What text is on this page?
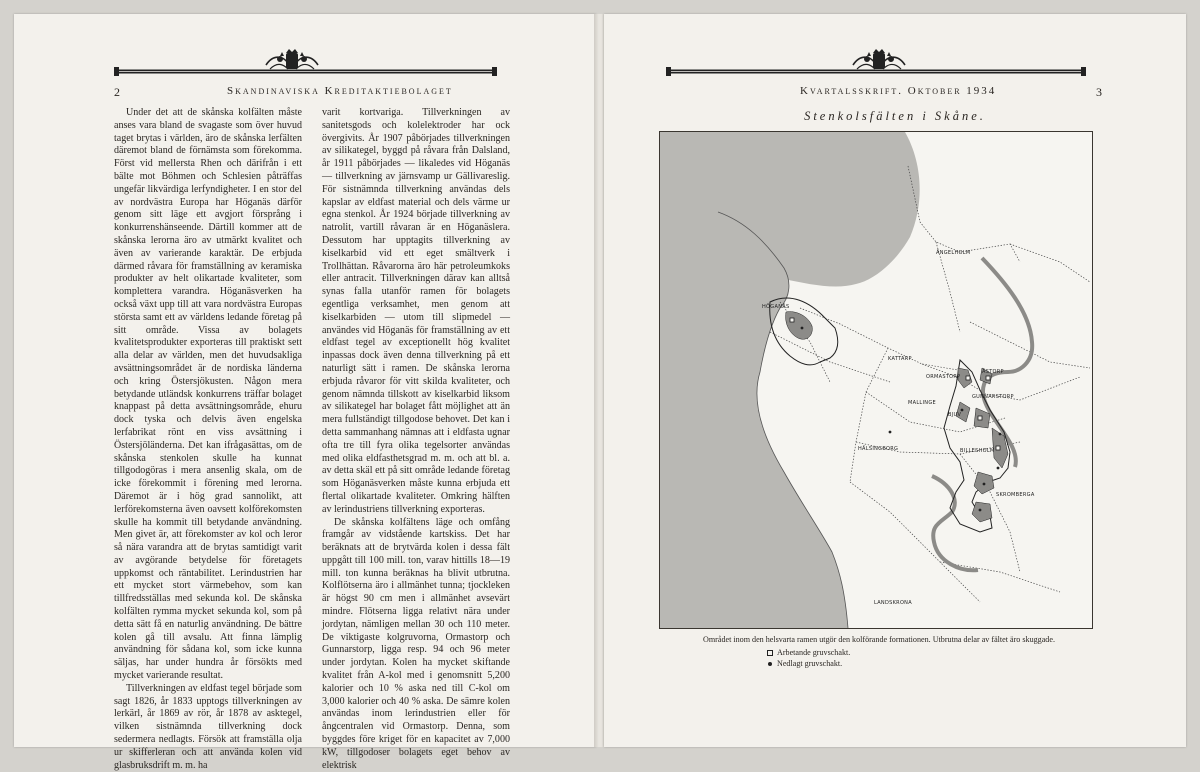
2	Skandinaviska Kreditaktiebolaget

Under det att de skånska kolfälten måste anses vara bland de svagaste som över huvud taget brytas i världen, äro de skånska lerfälten däremot bland de förnämsta som förekomma. Först vid mellersta Rhen och därifrån i ett bälte mot Böhmen och Schlesien påträffas ungefär likvärdiga lerfyndigheter. I en stor del av nordvästra Europa har Höganäs därför genom sitt läge ett avgjort försprång i konkurrenshänseende. Därtill kommer att de skånska lerorna äro av utmärkt kvalitet och även av varierande karaktär. De erbjuda därmed råvara för framställning av keramiska produkter av helt olikartade kvaliteter, som komplettera varandra. Höganäsverken ha också växt upp till att vara nordvästra Europas största samt ett av världens ledande företag på sitt område. Vissa av bolagets kvalitetsprodukter exporteras till praktiskt sett alla delar av världen, men det huvudsakliga avsättningsområdet är de nordiska länderna och kring Östersjökusten. Någon mera betydande utländsk konkurrens träffar bolaget knappast på detta avsättningsområde, ehuru dock tyska och delvis även engelska lerfabrikat rönt en viss avsättning i Östersjöländerna. Det kan ifrågasättas, om de skånska stenkolen skulle ha kunnat tillgodogöras i mera ansenlig skala, om de icke förekommit i förening med lerorna. Däremot är i hög grad sannolikt, att lerförekomsterna även oavsett kolförekomsten skulle ha kommit till betydande användning. Men givet är, att förekomster av kol och leror så nära varandra att de brytas samtidigt varit av avgörande betydelse för företagets uppkomst och räntabilitet. Lerindustrien har ett mycket stort värmebehov, som kan tillfredsställas med sekunda kol. De skånska kolfälten rymma mycket sekunda kol, som på detta sätt få en naturlig användning. De bättre kolen gå till avsalu. Att finna lämplig användning för sådana kol, som icke kunna säljas, har under hundra år försökts med mycket varierande resultat.

Tillverkningen av eldfast tegel började som sagt 1826, år 1833 upptogs tillverkningen av lerkärl, år 1869 av rör, år 1878 av asktegel, vilken sistnämnda tillverkning dock sedermera nedlagts. Försök att framställa olja ur skifferleran och att använda kolen vid glasbruksdrift m. m. ha

varit kortvariga. Tillverkningen av sanitetsgods och kolelektroder har ock övergivits. År 1907 påbörjades tillverkningen av silikategel, byggd på råvara från Dalsland, år 1911 påbörjades — likaledes vid Höganäs — tillverkning av järnsvamp ur Gällivareslig. För sistnämnda tillverkning användas dels kapslar av eldfast material och dels värme ur egna stenkol. År 1924 började tillverkning av natrolit, vartill råvaran är en Höganäslera. Dessutom har upptagits tillverkning av kiselkarbid vid ett eget smältverk i Trollhättan. Råvarorna äro här petroleumkoks eller antracit. Tillverkningen därav kan alltså synas falla utanför ramen för bolagets egentliga verksamhet, men genom att kiselkarbiden — utom till slipmedel — användes vid Höganäs för framställning av ett eldfast tegel av exceptionellt hög kvalitet inpassas dock även denna tillverkning på ett naturligt sätt i ramen. De skånska lerorna erbjuda råvaror för vitt skilda kvaliteter, och genom nämnda tillskott av kiselkarbid liksom av silikategel har bolaget fått möjlighet att än mera fullständigt tillgodose behovet. Det kan i detta sammanhang nämnas att i eldfasta ugnar ofta tre till fyra olika tegelsorter användas med olika eldfasthetsgrad m. m. och att bl. a. av detta skäl ett på sitt område ledande företag som Höganäsverken måste kunna erbjuda ett flertal olikartade kvaliteter. Omkring hälften av lerindustriens tillverkning exporteras.

De skånska kolfältens läge och omfång framgår av vidstående kartskiss. Det har beräknats att de brytvärda kolen i dessa fält uppgått till 100 mill. ton, varav hittills 18—19 mill. ton kunna beräknas ha blivit utbrutna. Kolflötserna äro i allmänhet tunna; tjockleken är högst 90 cm men i allmänhet avsevärt mindre. Flötserna ligga relativt nära under jordytan, nämligen mellan 30 och 110 meter. De viktigaste kolgruvorna, Ormastorp och Gunnarstorp, ligga resp. 94 och 96 meter under jordytan. Kolen ha mycket skiftande kvalitet från A-kol med i genomsnitt 5,200 kalorier och 10 % aska ned till C-kol om 3,000 kalorier och 40 % aska. De sämre kolen användas inom lerindustrien eller för ångcentralen vid Ormastorp. Denna, som byggdes före kriget för en kapacitet av 7,000 kW, tillgodoser bolagets eget behov av elektrisk

Kvartalsskrift. Oktober 1934	3
Stenkolsfälten i Skåne.
ÄNGELHOLM
HÖGANÄS
KATTARP
ORMASTORP
ÅSTORP
MALLINGE
GUNNARSTORP
BJUV
HÄLSINGBORG	BILLESHOLM
SKROMBERGA
LANDSKRONA
Området inom den helsvarta ramen utgör den kolförande formationen. Utbrutna delar av fältet äro skuggade.
Arbetande gruvschakt.
Nedlagt gruvschakt.
